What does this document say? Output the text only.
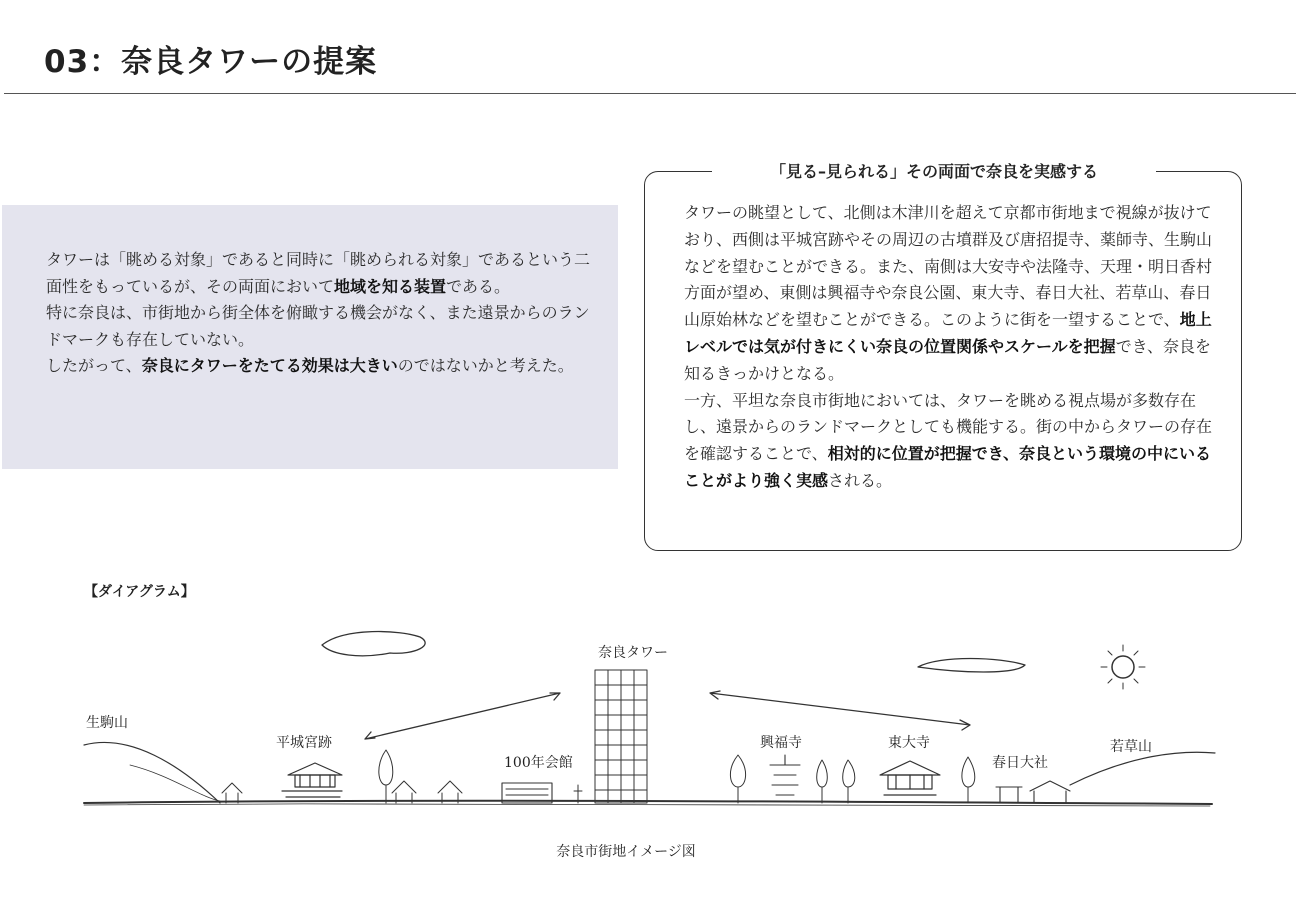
03：奈良タワーの提案

タワーは「眺める対象」であると同時に「眺められる対象」であるという二面性をもっているが、その両面において地域を知る装置である。

特に奈良は、市街地から街全体を俯瞰する機会がなく、また遠景からのランドマークも存在していない。

したがって、奈良にタワーをたてる効果は大きいのではないかと考えた。

「見る–見られる」その両面で奈良を実感する

タワーの眺望として、北側は木津川を超えて京都市街地まで視線が抜けており、西側は平城宮跡やその周辺の古墳群及び唐招提寺、薬師寺、生駒山などを望むことができる。また、南側は大安寺や法隆寺、天理・明日香村方面が望め、東側は興福寺や奈良公園、東大寺、春日大社、若草山、春日山原始林などを望むことができる。このように街を一望することで、地上レベルでは気が付きにくい奈良の位置関係やスケールを把握でき、奈良を知るきっかけとなる。

一方、平坦な奈良市街地においては、タワーを眺める視点場が多数存在し、遠景からのランドマークとしても機能する。街の中からタワーの存在を確認することで、相対的に位置が把握でき、奈良という環境の中にいることがより強く実感される。

【ダイアグラム】
生駒山
平城宮跡
100年会館
奈良タワー
興福寺	東大寺
春日大社
若草山
奈良市街地イメージ図
